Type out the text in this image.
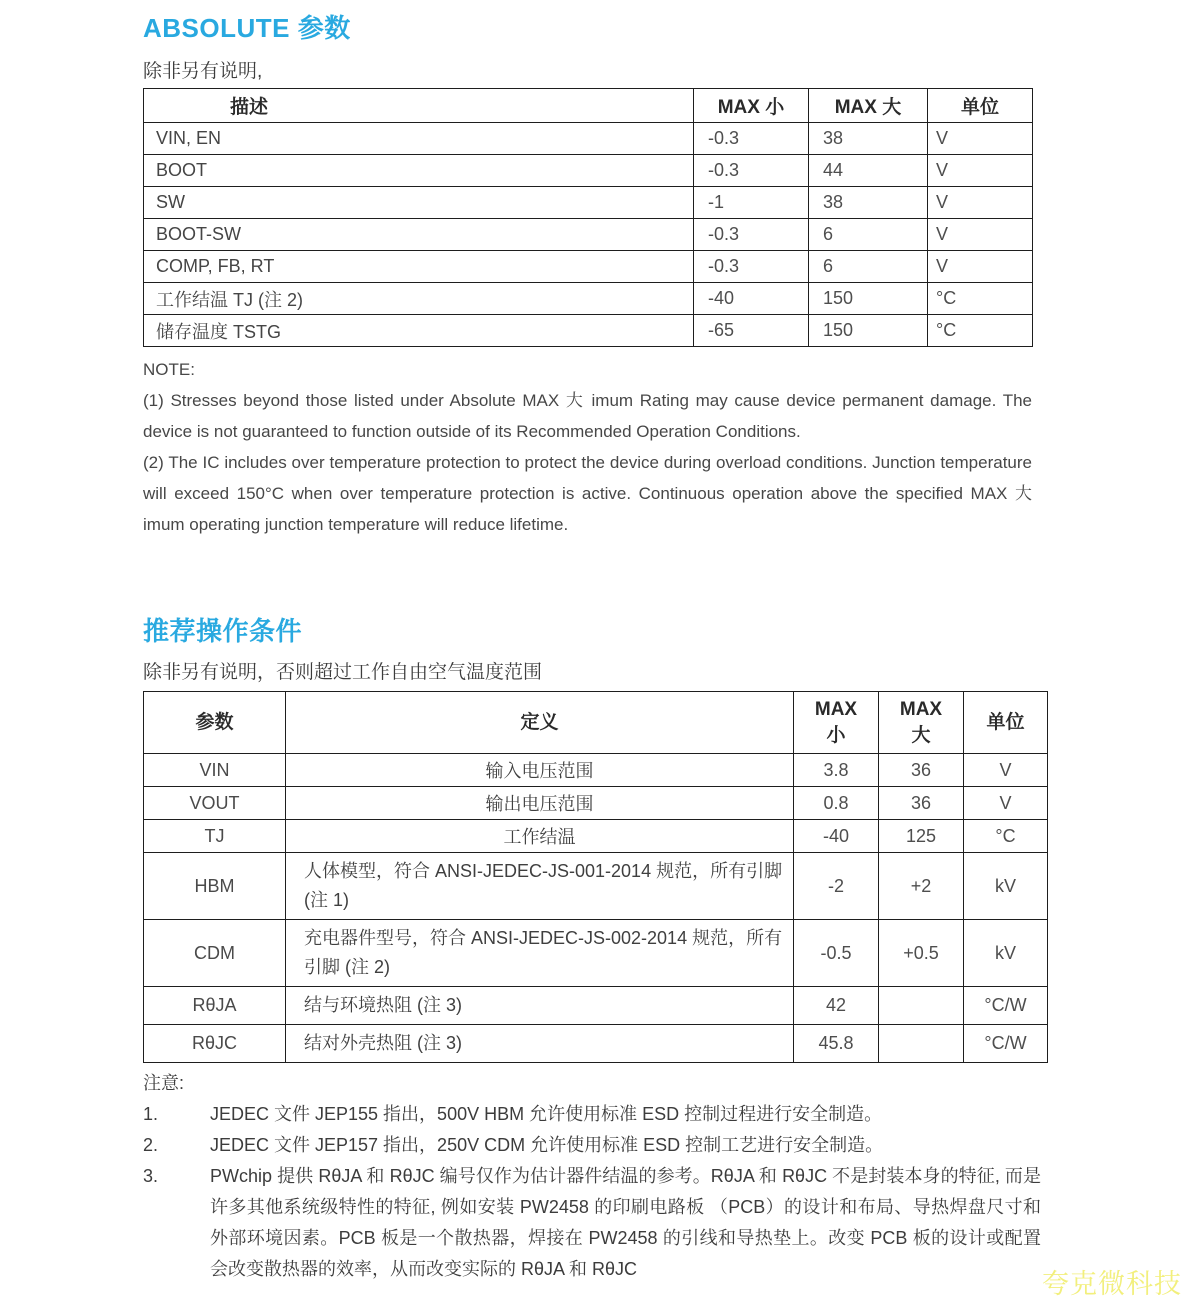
ABSOLUTE 参数
除非另有说明,
描述	MAX 小	MAX 大	单位
VIN, EN	-0.3	38	V
BOOT	-0.3	44	V
SW	-1	38	V
BOOT-SW	-0.3	6	V
COMP, FB, RT	-0.3	6	V
工作结温 TJ (注 2)	-40	150	°C
储存温度 TSTG	-65	150	°C
NOTE:
(1) Stresses beyond those listed under Absolute MAX 大 imum Rating may cause device permanent damage. The device is not guaranteed to function outside of its Recommended Operation Conditions.
(2) The IC includes over temperature protection to protect the device during overload conditions. Junction temperature will exceed 150°C when over temperature protection is active. Continuous operation above the specified MAX 大 imum operating junction temperature will reduce lifetime.
推荐操作条件
除非另有说明，否则超过工作自由空气温度范围
参数	定义	MAX 小	MAX 大	单位
VIN	输入电压范围	3.8	36	V
VOUT	输出电压范围	0.8	36	V
TJ	工作结温	-40	125	°C
HBM	人体模型，符合 ANSI-JEDEC-JS-001-2014 规范，所有引脚 (注 1)	-2	+2	kV
CDM	充电器件型号，符合 ANSI-JEDEC-JS-002-2014 规范，所有引脚 (注 2)	-0.5	+0.5	kV
RθJA	结与环境热阻 (注 3)	42		°C/W
RθJC	结对外壳热阻 (注 3)	45.8		°C/W
注意:
1.	JEDEC 文件 JEP155 指出，500V HBM 允许使用标准 ESD 控制过程进行安全制造。
2.	JEDEC 文件 JEP157 指出，250V CDM 允许使用标准 ESD 控制工艺进行安全制造。
3.	PWchip 提供 RθJA 和 RθJC 编号仅作为估计器件结温的参考。RθJA 和 RθJC 不是封装本身的特征, 而是许多其他系统级特性的特征, 例如安装 PW2458 的印刷电路板 （PCB）的设计和布局、导热焊盘尺寸和外部环境因素。PCB 板是一个散热器，焊接在 PW2458 的引线和导热垫上。改变 PCB 板的设计或配置会改变散热器的效率，从而改变实际的 RθJA 和 RθJC	夸克微科技
